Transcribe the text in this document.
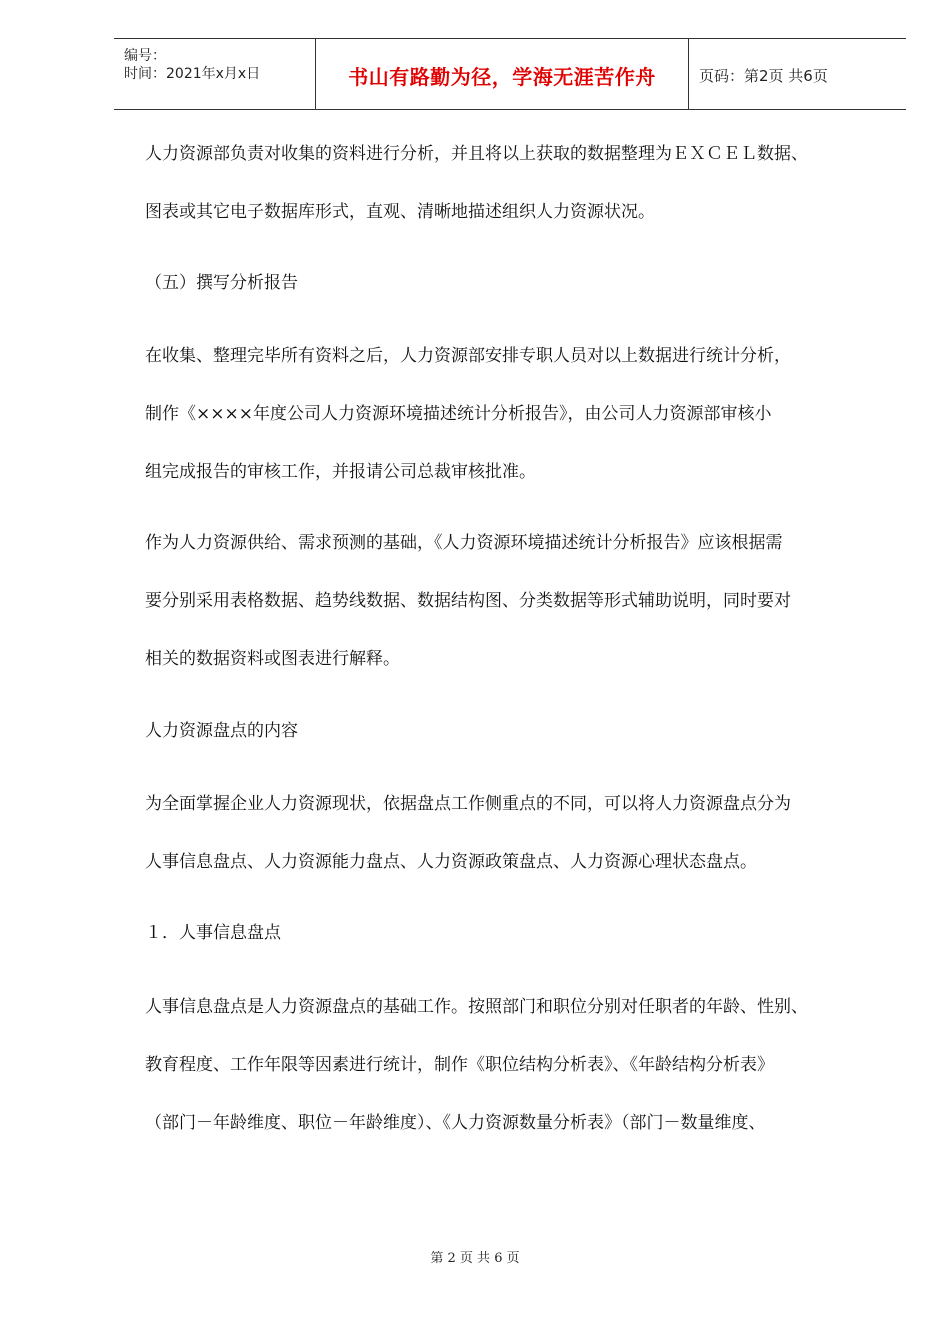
编号：
时间：2021年x月x日	书山有路勤为径，学海无涯苦作舟	页码：第2页 共6页
人力资源部负责对收集的资料进行分析，并且将以上获取的数据整理为ＥＸＣＥＬ数据、
图表或其它电子数据库形式，直观、清晰地描述组织人力资源状况。
（五）撰写分析报告
在收集、整理完毕所有资料之后，人力资源部安排专职人员对以上数据进行统计分析，
制作《××××年度公司人力资源环境描述统计分析报告》，由公司人力资源部审核小
组完成报告的审核工作，并报请公司总裁审核批准。
作为人力资源供给、需求预测的基础，《人力资源环境描述统计分析报告》应该根据需
要分别采用表格数据、趋势线数据、数据结构图、分类数据等形式辅助说明，同时要对
相关的数据资料或图表进行解释。
人力资源盘点的内容
为全面掌握企业人力资源现状，依据盘点工作侧重点的不同，可以将人力资源盘点分为
人事信息盘点、人力资源能力盘点、人力资源政策盘点、人力资源心理状态盘点。
１．人事信息盘点
人事信息盘点是人力资源盘点的基础工作。按照部门和职位分别对任职者的年龄、性别、
教育程度、工作年限等因素进行统计，制作《职位结构分析表》、《年龄结构分析表》
（部门－年龄维度、职位－年龄维度）、《人力资源数量分析表》（部门－数量维度、
第 2 页 共 6 页
